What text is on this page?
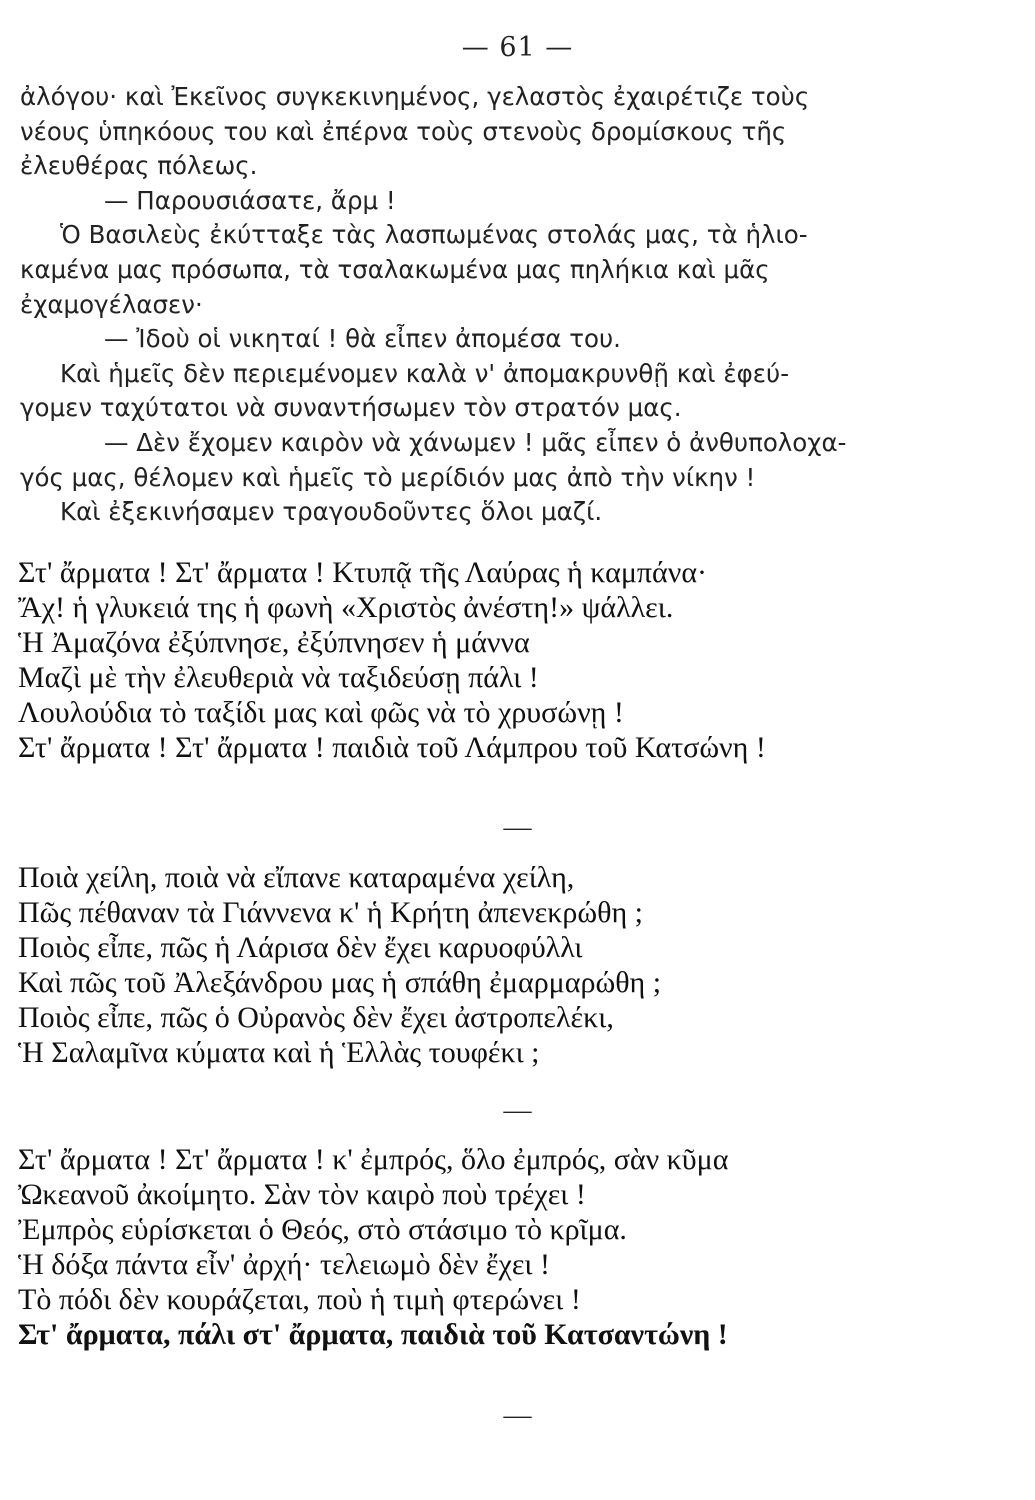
— 61 —
ἀλόγου· καὶ Ἐκεῖνος συγκεκινημένος, γελαστὸς ἐχαιρέτιζε τοὺς
νέους ὑπηκόους του καὶ ἐπέρνα τοὺς στενοὺς δρομίσκους τῆς
ἐλευθέρας πόλεως.
— Παρουσιάσατε, ἄρμ !
Ὁ Βασιλεὺς ἐκύτταξε τὰς λασπωμένας στολάς μας, τὰ ἡλιο-
καμένα μας πρόσωπα, τὰ τσαλακωμένα μας πηλήκια καὶ μᾶς
ἐχαμογέλασεν·
— Ἰδοὺ οἱ νικηταί ! θὰ εἶπεν ἀπομέσα του.
Καὶ ἡμεῖς δὲν περιεμένομεν καλὰ ν' ἀπομακρυνθῇ καὶ ἐφεύ-
γομεν ταχύτατοι νὰ συναντήσωμεν τὸν στρατόν μας.
— Δὲν ἔχομεν καιρὸν νὰ χάνωμεν ! μᾶς εἶπεν ὁ ἀνθυπολοχα-
γός μας, θέλομεν καὶ ἡμεῖς τὸ μερίδιόν μας ἀπὸ τὴν νίκην !
Καὶ ἐξεκινήσαμεν τραγουδοῦντες ὅλοι μαζί.
Στ' ἄρματα ! Στ' ἄρματα ! Κτυπᾷ τῆς Λαύρας ἡ καμπάνα·
Ἄχ! ἡ γλυκειά της ἡ φωνὴ «Χριστὸς ἀνέστη!» ψάλλει.
Ἡ Ἀμαζόνα ἐξύπνησε, ἐξύπνησεν ἡ μάννα
Μαζὶ μὲ τὴν ἐλευθεριὰ νὰ ταξιδεύσῃ πάλι !
Λουλούδια τὸ ταξίδι μας καὶ φῶς νὰ τὸ χρυσώνῃ !
Στ' ἄρματα ! Στ' ἄρματα ! παιδιὰ τοῦ Λάμπρου τοῦ Κατσώνη !
—
Ποιὰ χείλη, ποιὰ νὰ εἴπανε καταραμένα χείλη,
Πῶς πέθαναν τὰ Γιάννενα κ' ἡ Κρήτη ἀπενεκρώθη ;
Ποιὸς εἶπε, πῶς ἡ Λάρισα δὲν ἔχει καρυοφύλλι
Καὶ πῶς τοῦ Ἀλεξάνδρου μας ἡ σπάθη ἐμαρμαρώθη ;
Ποιὸς εἶπε, πῶς ὁ Οὐρανὸς δὲν ἔχει ἀστροπελέκι,
Ἡ Σαλαμῖνα κύματα καὶ ἡ Ἑλλὰς τουφέκι ;
—
Στ' ἄρματα ! Στ' ἄρματα ! κ' ἐμπρός, ὅλο ἐμπρός, σὰν κῦμα
Ὠκεανοῦ ἀκοίμητο. Σὰν τὸν καιρὸ ποὺ τρέχει !
Ἐμπρὸς εὑρίσκεται ὁ Θεός, στὸ στάσιμο τὸ κρῖμα.
Ἡ δόξα πάντα εἶν' ἀρχή· τελειωμὸ δὲν ἔχει !
Τὸ πόδι δὲν κουράζεται, ποὺ ἡ τιμὴ φτερώνει !
Στ' ἄρματα, πάλι στ' ἄρματα, παιδιὰ τοῦ Κατσαντώνη !
—
